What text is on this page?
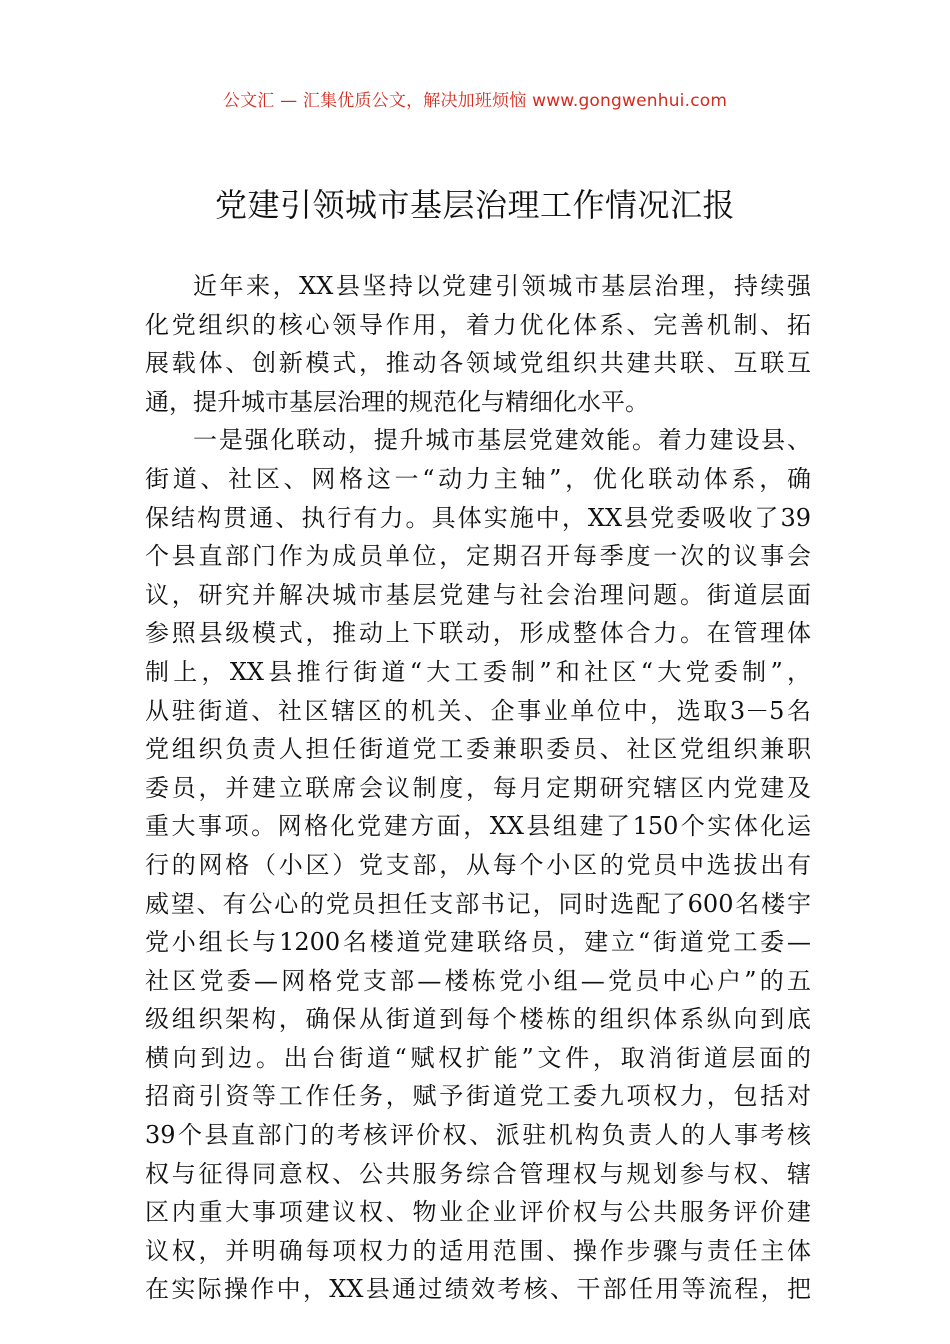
公文汇 — 汇集优质公文，解决加班烦恼 www.gongwenhui.com
党建引领城市基层治理工作情况汇报
近年来，XX县坚持以党建引领城市基层治理，持续强
化党组织的核心领导作用，着力优化体系、完善机制、拓
展载体、创新模式，推动各领域党组织共建共联、互联互
通，提升城市基层治理的规范化与精细化水平。
一是强化联动，提升城市基层党建效能。着力建设县、
街道、社区、网格这一“动力主轴”，优化联动体系，确
保结构贯通、执行有力。具体实施中，XX县党委吸收了39
个县直部门作为成员单位，定期召开每季度一次的议事会
议，研究并解决城市基层党建与社会治理问题。街道层面
参照县级模式，推动上下联动，形成整体合力。在管理体
制上，XX县推行街道“大工委制”和社区“大党委制”，
从驻街道、社区辖区的机关、企事业单位中，选取3－5名
党组织负责人担任街道党工委兼职委员、社区党组织兼职
委员，并建立联席会议制度，每月定期研究辖区内党建及
重大事项。网格化党建方面，XX县组建了150个实体化运
行的网格（小区）党支部，从每个小区的党员中选拔出有
威望、有公心的党员担任支部书记，同时选配了600名楼宇
党小组长与1200名楼道党建联络员，建立“街道党工委—
社区党委—网格党支部—楼栋党小组—党员中心户”的五
级组织架构，确保从街道到每个楼栋的组织体系纵向到底
横向到边。出台街道“赋权扩能”文件，取消街道层面的
招商引资等工作任务，赋予街道党工委九项权力，包括对
39个县直部门的考核评价权、派驻机构负责人的人事考核
权与征得同意权、公共服务综合管理权与规划参与权、辖
区内重大事项建议权、物业企业评价权与公共服务评价建
议权，并明确每项权力的适用范围、操作步骤与责任主体
在实际操作中，XX县通过绩效考核、干部任用等流程，把
